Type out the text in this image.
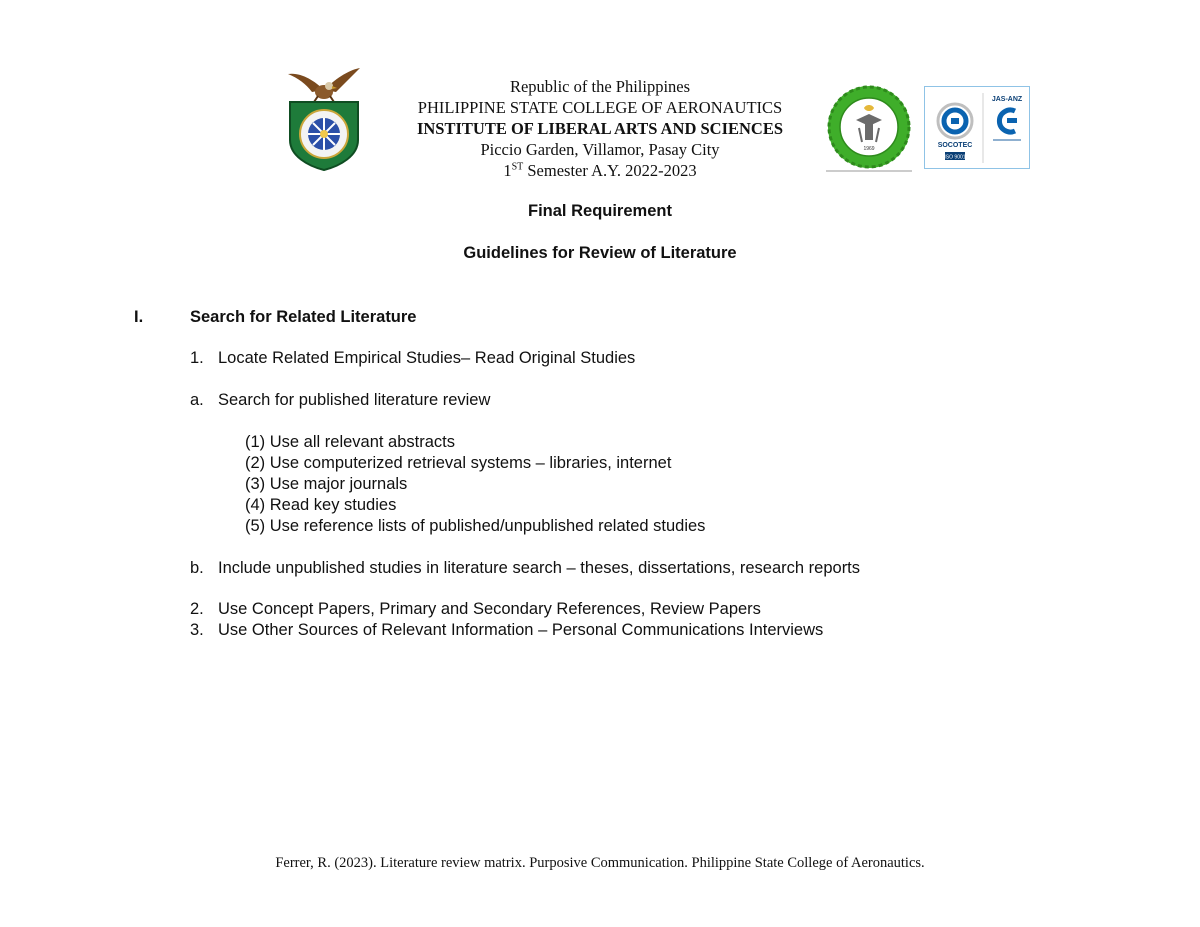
Republic of the Philippines
PHILIPPINE STATE COLLEGE OF AERONAUTICS
INSTITUTE OF LIBERAL ARTS AND SCIENCES
Piccio Garden, Villamor, Pasay City
1ST Semester A.Y. 2022-2023
1969	SOCOTEC
ISO 9001
JAS-ANZ
Final Requirement
Guidelines for Review of Literature
I.	Search for Related Literature
1. Locate Related Empirical Studies– Read Original Studies
a. Search for published literature review
(1) Use all relevant abstracts
(2) Use computerized retrieval systems – libraries, internet
(3) Use major journals
(4) Read key studies
(5) Use reference lists of published/unpublished related studies
b. Include unpublished studies in literature search – theses, dissertations, research reports
2. Use Concept Papers, Primary and Secondary References, Review Papers
3. Use Other Sources of Relevant Information – Personal Communications Interviews
Ferrer, R. (2023). Literature review matrix. Purposive Communication. Philippine State College of Aeronautics.
